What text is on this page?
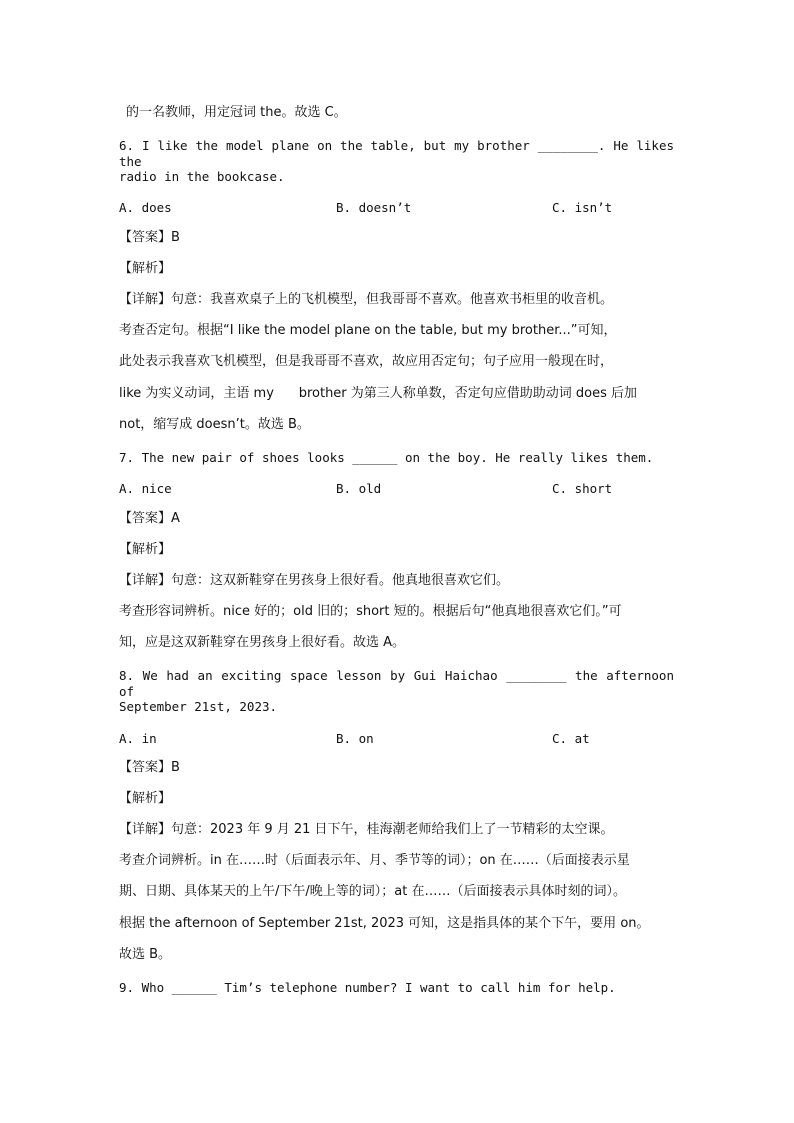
的一名教师，用定冠词 the。故选 C。
6. I like the model plane on the table, but my brother ________. He likes the
radio in the bookcase.
A. does	B. doesn’t	C. isn’t
【答案】B
【解析】
【详解】句意：我喜欢桌子上的飞机模型，但我哥哥不喜欢。他喜欢书柜里的收音机。
考查否定句。根据“I like the model plane on the table, but my brother...”可知，
此处表示我喜欢飞机模型，但是我哥哥不喜欢，故应用否定句；句子应用一般现在时，
like 为实义动词，主语 my      brother 为第三人称单数，否定句应借助助动词 does 后加
not，缩写成 doesn’t。故选 B。
7. The new pair of shoes looks ______ on the boy. He really likes them.
A. nice	B. old	C. short
【答案】A
【解析】
【详解】句意：这双新鞋穿在男孩身上很好看。他真地很喜欢它们。
考查形容词辨析。nice 好的；old 旧的；short 短的。根据后句“他真地很喜欢它们。”可
知，应是这双新鞋穿在男孩身上很好看。故选 A。
8. We had an exciting space lesson by Gui Haichao ________ the afternoon of
September 21st, 2023.
A. in	B. on	C. at
【答案】B
【解析】
【详解】句意：2023 年 9 月 21 日下午，桂海潮老师给我们上了一节精彩的太空课。
考查介词辨析。in 在……时（后面表示年、月、季节等的词）；on 在……（后面接表示星
期、日期、具体某天的上午/下午/晚上等的词）；at 在……（后面接表示具体时刻的词）。
根据 the afternoon of September 21st, 2023 可知，这是指具体的某个下午，要用 on。
故选 B。
9. Who ______ Tim’s telephone number? I want to call him for help.
